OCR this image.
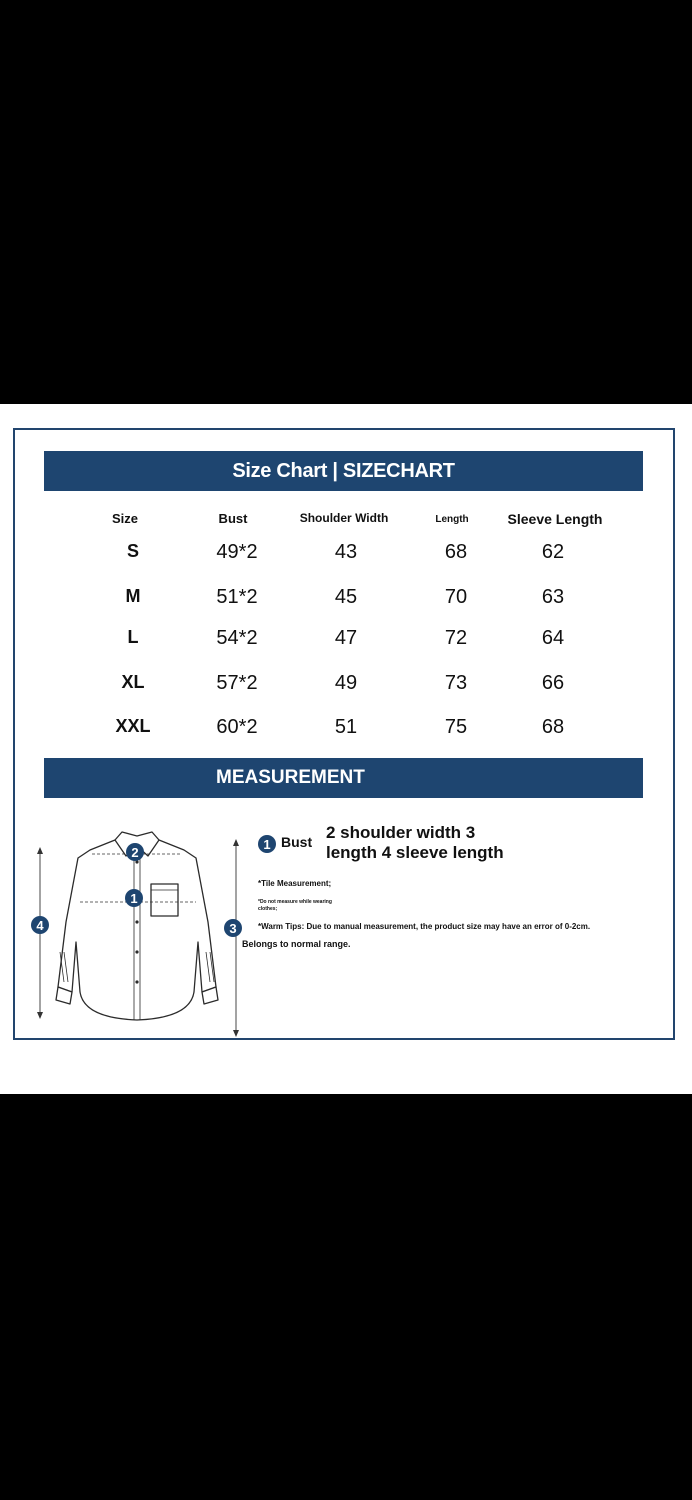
Size Chart | SIZECHART
Size	Bust	Shoulder Width	Length	Sleeve Length
S	49*2	43	68	62
M	51*2	45	70	63
L	54*2	47	72	64
XL	57*2	49	73	66
XXL	60*2	51	75	68
MEASUREMENT
2
1
3
4
1 Bust 2 shoulder width 3
length 4 sleeve length
*Tile Measurement;
*Do not measure while wearing
clothes;
*Warm Tips: Due to manual measurement, the product size may have an error of 0-2cm.
Belongs to normal range.
